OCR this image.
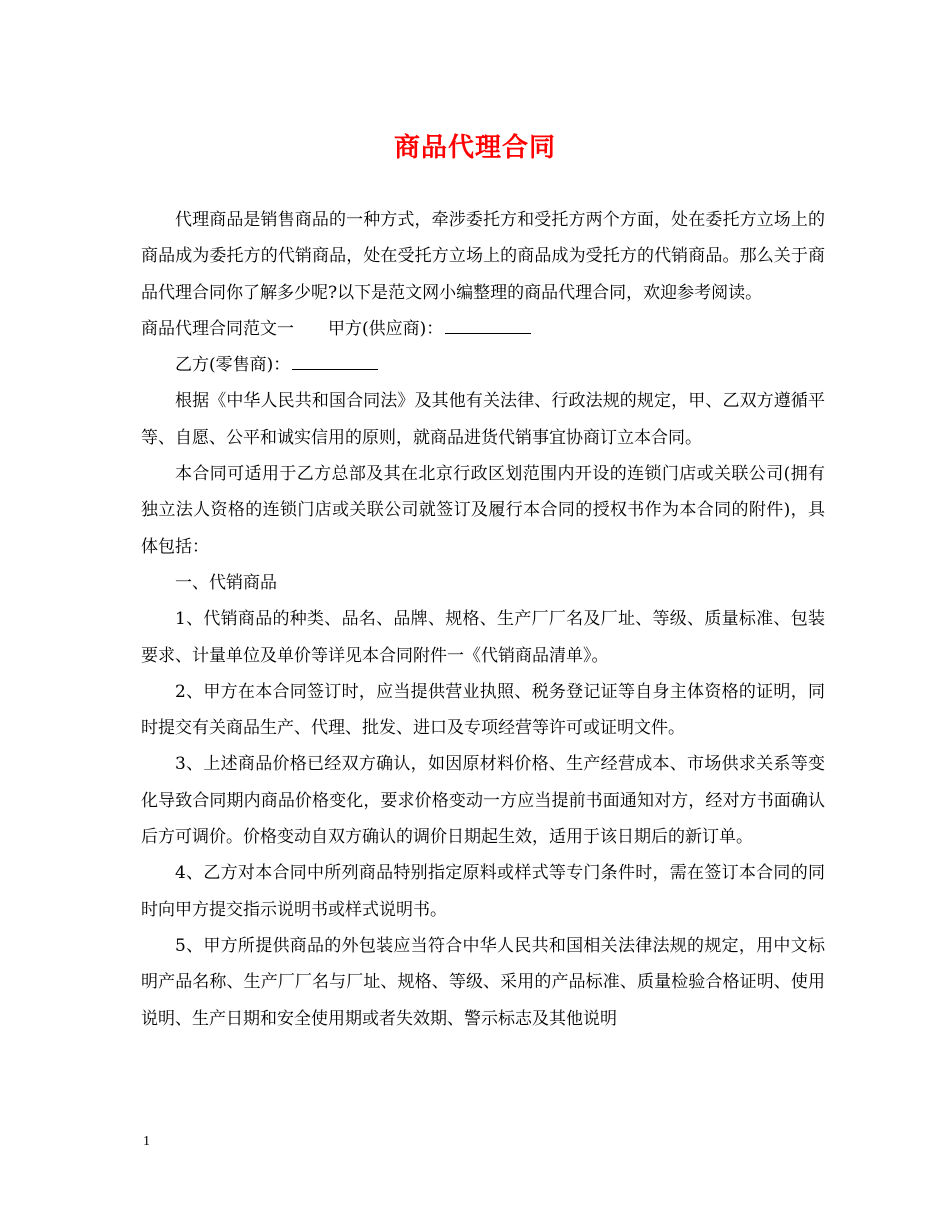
商品代理合同

代理商品是销售商品的一种方式，牵涉委托方和受托方两个方面，处在委托方立场上的商品成为委托方的代销商品，处在受托方立场上的商品成为受托方的代销商品。那么关于商品代理合同你了解多少呢?以下是范文网小编整理的商品代理合同，欢迎参考阅读。

商品代理合同范文一 甲方(供应商)：

乙方(零售商)：

根据《中华人民共和国合同法》及其他有关法律、行政法规的规定，甲、乙双方遵循平等、自愿、公平和诚实信用的原则，就商品进货代销事宜协商订立本合同。

本合同可适用于乙方总部及其在北京行政区划范围内开设的连锁门店或关联公司(拥有独立法人资格的连锁门店或关联公司就签订及履行本合同的授权书作为本合同的附件)，具体包括：

一、代销商品

1、代销商品的种类、品名、品牌、规格、生产厂厂名及厂址、等级、质量标准、包装要求、计量单位及单价等详见本合同附件一《代销商品清单》。

2、甲方在本合同签订时，应当提供营业执照、税务登记证等自身主体资格的证明，同时提交有关商品生产、代理、批发、进口及专项经营等许可或证明文件。

3、上述商品价格已经双方确认，如因原材料价格、生产经营成本、市场供求关系等变化导致合同期内商品价格变化，要求价格变动一方应当提前书面通知对方，经对方书面确认后方可调价。价格变动自双方确认的调价日期起生效，适用于该日期后的新订单。

4、乙方对本合同中所列商品特别指定原料或样式等专门条件时，需在签订本合同的同时向甲方提交指示说明书或样式说明书。

5、甲方所提供商品的外包装应当符合中华人民共和国相关法律法规的规定，用中文标明产品名称、生产厂厂名与厂址、规格、等级、采用的产品标准、质量检验合格证明、使用说明、生产日期和安全使用期或者失效期、警示标志及其他说明

1
